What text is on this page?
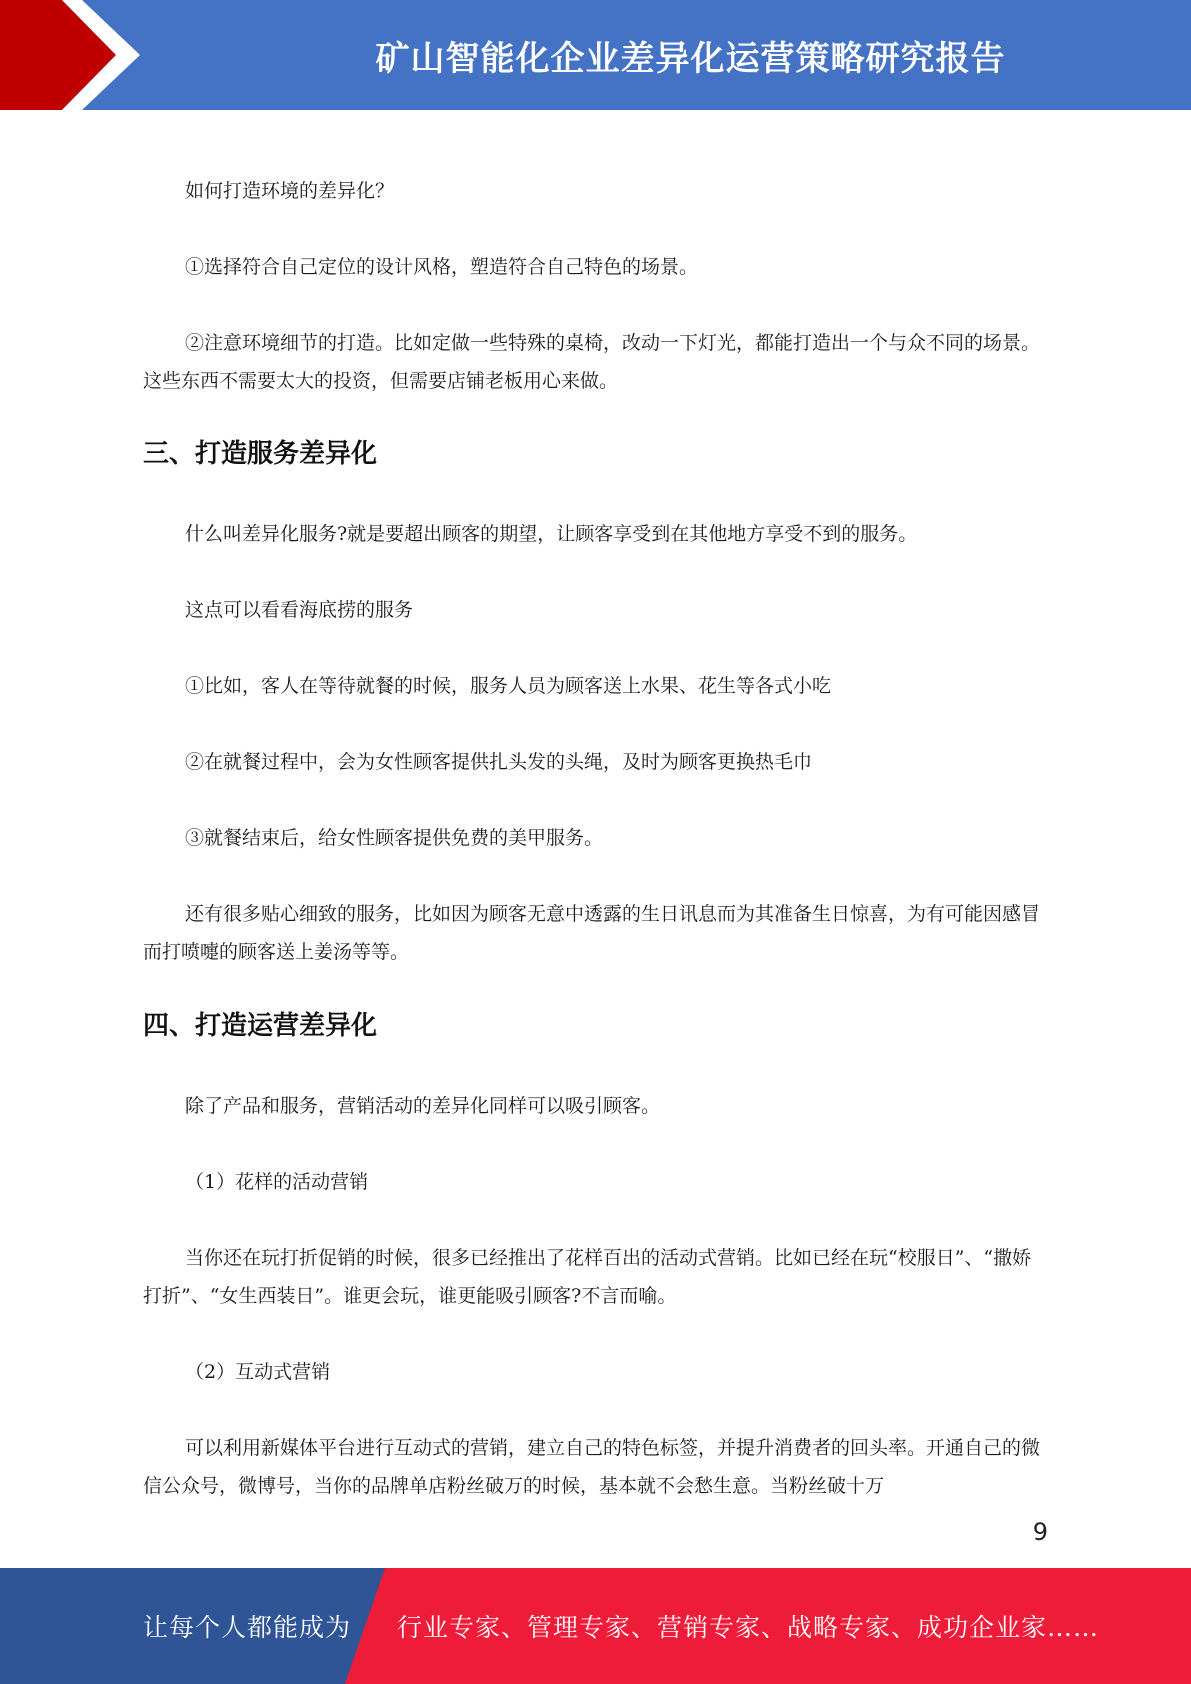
矿山智能化企业差异化运营策略研究报告

如何打造环境的差异化？

①选择符合自己定位的设计风格，塑造符合自己特色的场景。

②注意环境细节的打造。比如定做一些特殊的桌椅，改动一下灯光，都能打造出一个与众不同的场景。这些东西不需要太大的投资，但需要店铺老板用心来做。

三、打造服务差异化

什么叫差异化服务?就是要超出顾客的期望，让顾客享受到在其他地方享受不到的服务。

这点可以看看海底捞的服务

①比如，客人在等待就餐的时候，服务人员为顾客送上水果、花生等各式小吃

②在就餐过程中，会为女性顾客提供扎头发的头绳，及时为顾客更换热毛巾

③就餐结束后，给女性顾客提供免费的美甲服务。

还有很多贴心细致的服务，比如因为顾客无意中透露的生日讯息而为其准备生日惊喜，为有可能因感冒而打喷嚏的顾客送上姜汤等等。

四、打造运营差异化

除了产品和服务，营销活动的差异化同样可以吸引顾客。

（1）花样的活动营销

当你还在玩打折促销的时候，很多已经推出了花样百出的活动式营销。比如已经在玩“校服日”、“撒娇打折”、“女生西装日”。谁更会玩，谁更能吸引顾客?不言而喻。

（2）互动式营销

可以利用新媒体平台进行互动式的营销，建立自己的特色标签，并提升消费者的回头率。开通自己的微信公众号，微博号，当你的品牌单店粉丝破万的时候，基本就不会愁生意。当粉丝破十万

9
让每个人都能成为 行业专家、管理专家、营销专家、战略专家、成功企业家……
